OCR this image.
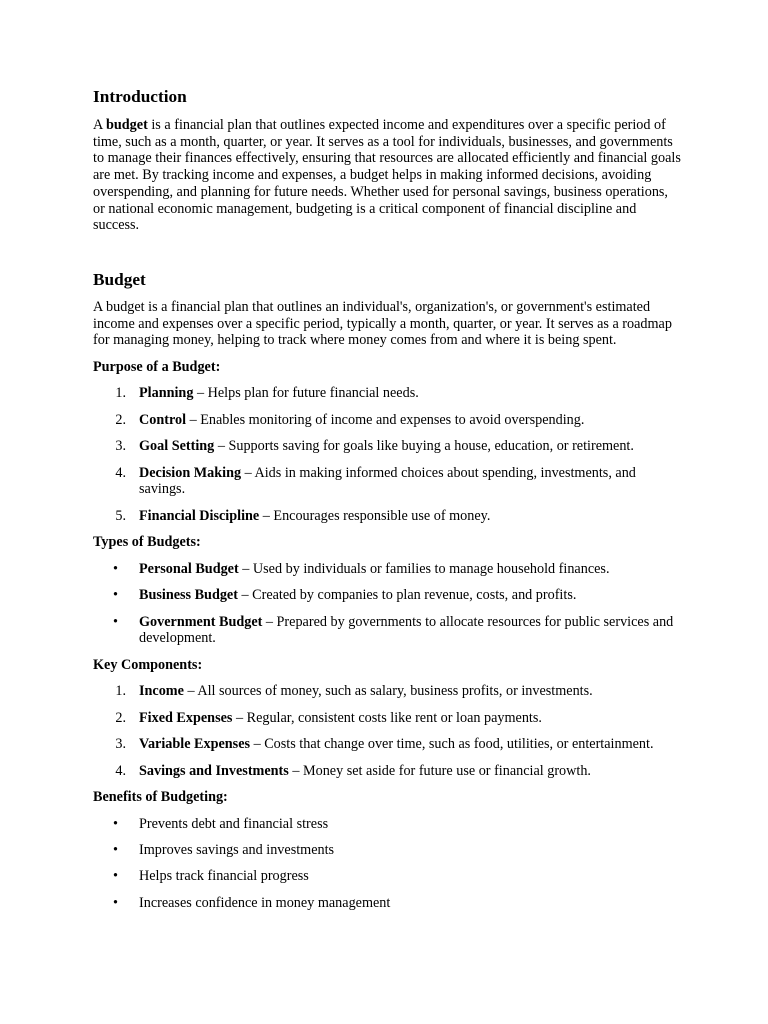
Introduction

A budget is a financial plan that outlines expected income and expenditures over a specific period of time, such as a month, quarter, or year. It serves as a tool for individuals, businesses, and governments to manage their finances effectively, ensuring that resources are allocated efficiently and financial goals are met. By tracking income and expenses, a budget helps in making informed decisions, avoiding overspending, and planning for future needs. Whether used for personal savings, business operations, or national economic management, budgeting is a critical component of financial discipline and success.

Budget

A budget is a financial plan that outlines an individual's, organization's, or government's estimated income and expenses over a specific period, typically a month, quarter, or year. It serves as a roadmap for managing money, helping to track where money comes from and where it is being spent.

Purpose of a Budget:

1. Planning – Helps plan for future financial needs.
2. Control – Enables monitoring of income and expenses to avoid overspending.
3. Goal Setting – Supports saving for goals like buying a house, education, or retirement.
4. Decision Making – Aids in making informed choices about spending, investments, and savings.
5. Financial Discipline – Encourages responsible use of money.

Types of Budgets:

•	Personal Budget – Used by individuals or families to manage household finances.
•	Business Budget – Created by companies to plan revenue, costs, and profits.
•	Government Budget – Prepared by governments to allocate resources for public services and development.

Key Components:

1. Income – All sources of money, such as salary, business profits, or investments.
2. Fixed Expenses – Regular, consistent costs like rent or loan payments.
3. Variable Expenses – Costs that change over time, such as food, utilities, or entertainment.
4. Savings and Investments – Money set aside for future use or financial growth.

Benefits of Budgeting:

•	Prevents debt and financial stress
•	Improves savings and investments
•	Helps track financial progress
•	Increases confidence in money management
